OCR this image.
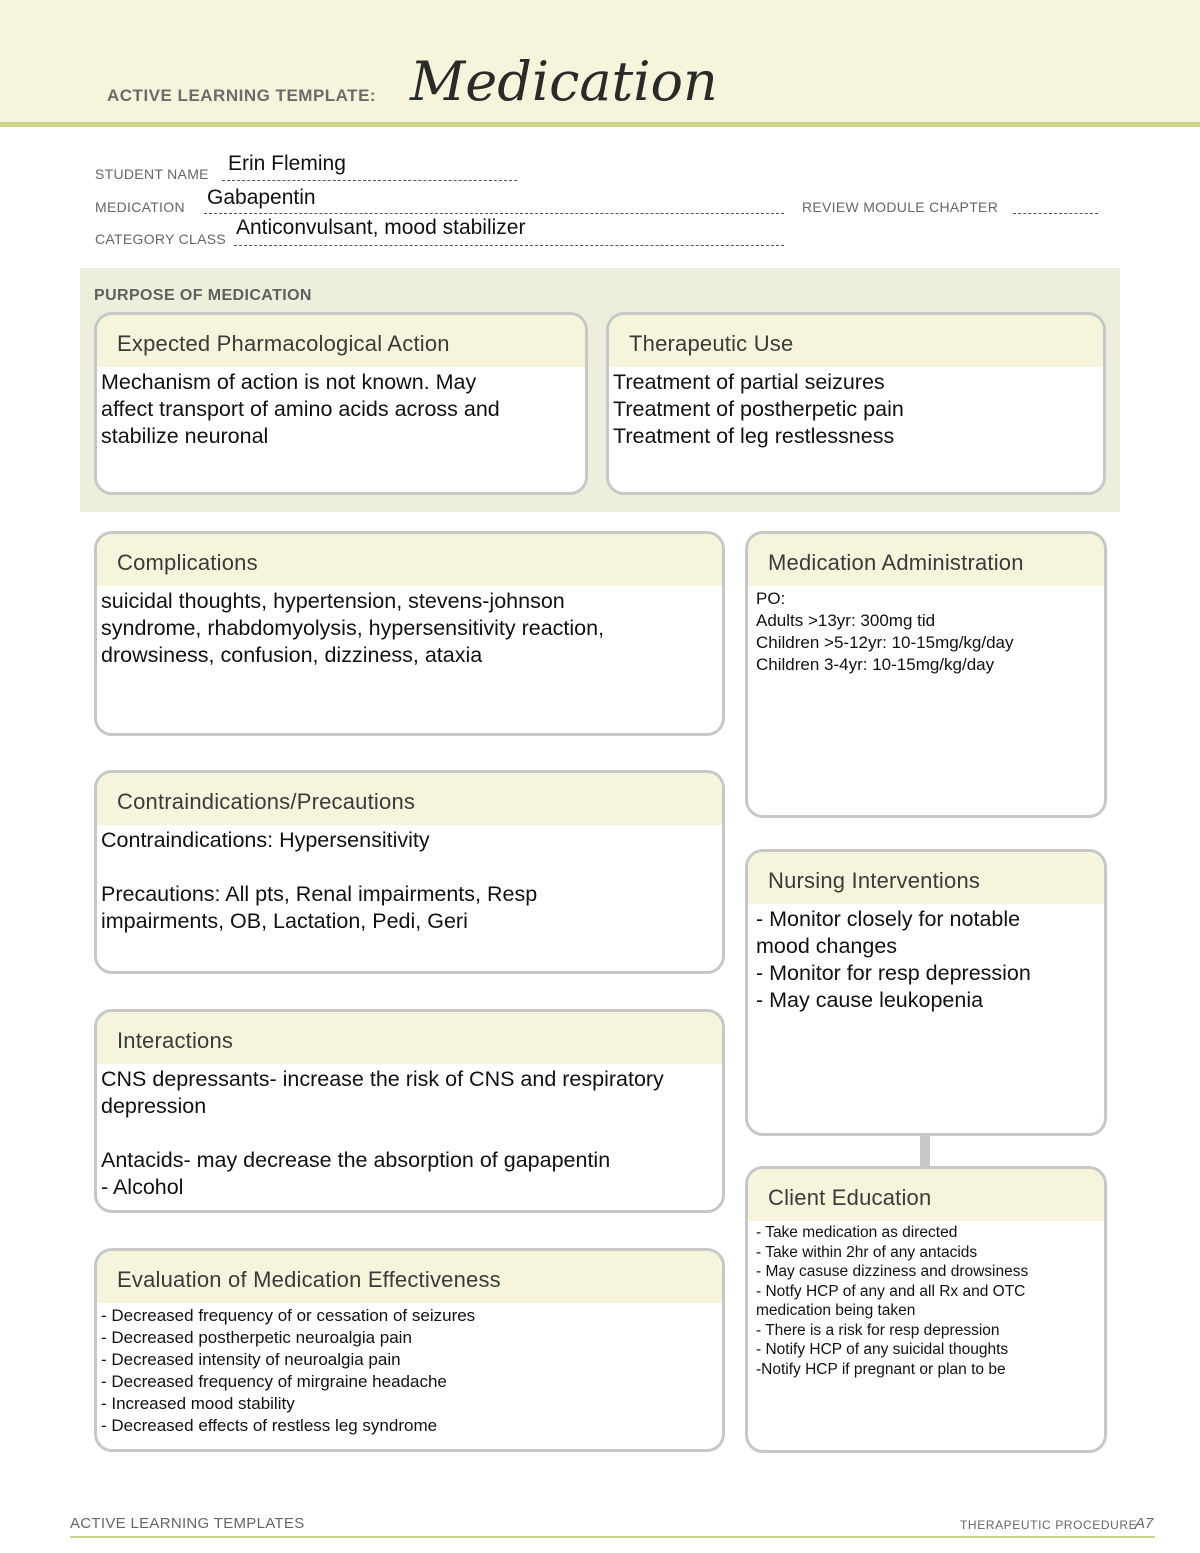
ACTIVE LEARNING TEMPLATE: Medication
STUDENT NAME Erin Fleming
MEDICATION Gabapentin	REVIEW MODULE CHAPTER
CATEGORY CLASS Anticonvulsant, mood stabilizer
PURPOSE OF MEDICATION
Expected Pharmacological Action
Mechanism of action is not known. May
affect transport of amino acids across and
stabilize neuronal
Therapeutic Use
Treatment of partial seizures
Treatment of postherpetic pain
Treatment of leg restlessness
Complications
suicidal thoughts, hypertension, stevens-johnson
syndrome, rhabdomyolysis, hypersensitivity reaction,
drowsiness, confusion, dizziness, ataxia
Contraindications/Precautions
Contraindications: Hypersensitivity

Precautions: All pts, Renal impairments, Resp
impairments, OB, Lactation, Pedi, Geri
Interactions
CNS depressants- increase the risk of CNS and respiratory
depression

Antacids- may decrease the absorption of gapapentin
- Alcohol
Evaluation of Medication Effectiveness
- Decreased frequency of or cessation of seizures
- Decreased postherpetic neuroalgia pain
- Decreased intensity of neuroalgia pain
- Decreased frequency of mirgraine headache
- Increased mood stability
- Decreased effects of restless leg syndrome
Medication Administration
PO:
Adults >13yr: 300mg tid
Children >5-12yr: 10-15mg/kg/day
Children 3-4yr: 10-15mg/kg/day
Nursing Interventions
- Monitor closely for notable
mood changes
- Monitor for resp depression
- May cause leukopenia
Client Education
- Take medication as directed
- Take within 2hr of any antacids
- May casuse dizziness and drowsiness
- Notfy HCP of any and all Rx and OTC
medication being taken
- There is a risk for resp depression
- Notify HCP of any suicidal thoughts
-Notify HCP if pregnant or plan to be
ACTIVE LEARNING TEMPLATES	THERAPEUTIC PROCEDURE
A7
